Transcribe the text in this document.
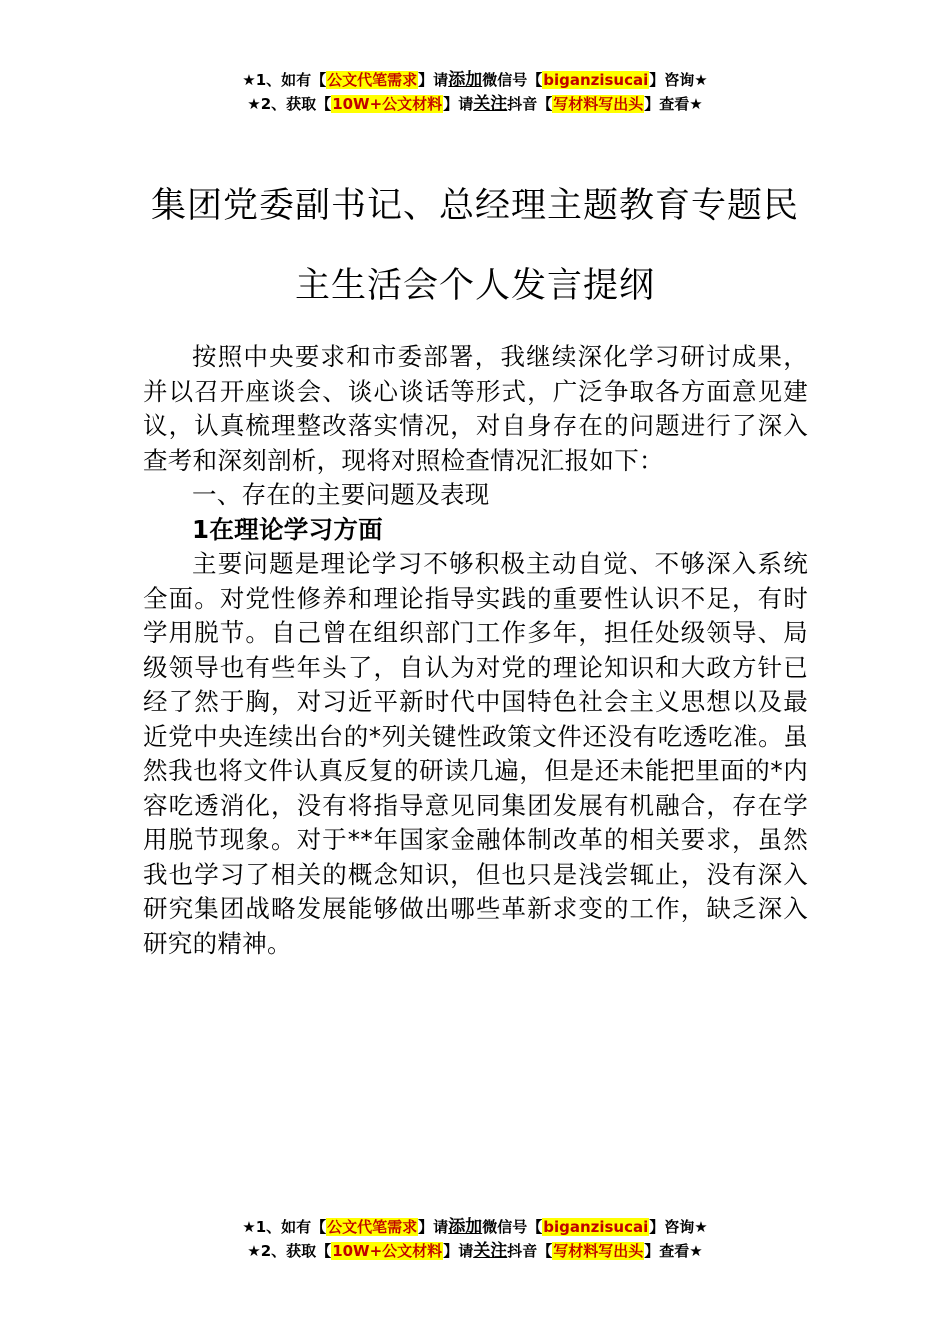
★1、如有【公文代笔需求】请添加微信号【biganzisucai】咨询★
★2、获取【10W+公文材料】请关注抖音【写材料写出头】查看★
集团党委副书记、总经理主题教育专题民
主生活会个人发言提纲

按照中央要求和市委部署，我继续深化学习研讨成果，并以召开座谈会、谈心谈话等形式，广泛争取各方面意见建议，认真梳理整改落实情况，对自身存在的问题进行了深入查考和深刻剖析，现将对照检查情况汇报如下：

一、存在的主要问题及表现

1在理论学习方面

主要问题是理论学习不够积极主动自觉、不够深入系统全面。对党性修养和理论指导实践的重要性认识不足，有时学用脱节。自己曾在组织部门工作多年，担任处级领导、局级领导也有些年头了，自认为对党的理论知识和大政方针已经了然于胸，对习近平新时代中国特色社会主义思想以及最近党中央连续出台的*列关键性政策文件还没有吃透吃准。虽然我也将文件认真反复的研读几遍，但是还未能把里面的*内容吃透消化，没有将指导意见同集团发展有机融合，存在学用脱节现象。对于**年国家金融体制改革的相关要求，虽然我也学习了相关的概念知识，但也只是浅尝辄止，没有深入研究集团战略发展能够做出哪些革新求变的工作，缺乏深入研究的精神。

★1、如有【公文代笔需求】请添加微信号【biganzisucai】咨询★
★2、获取【10W+公文材料】请关注抖音【写材料写出头】查看★
